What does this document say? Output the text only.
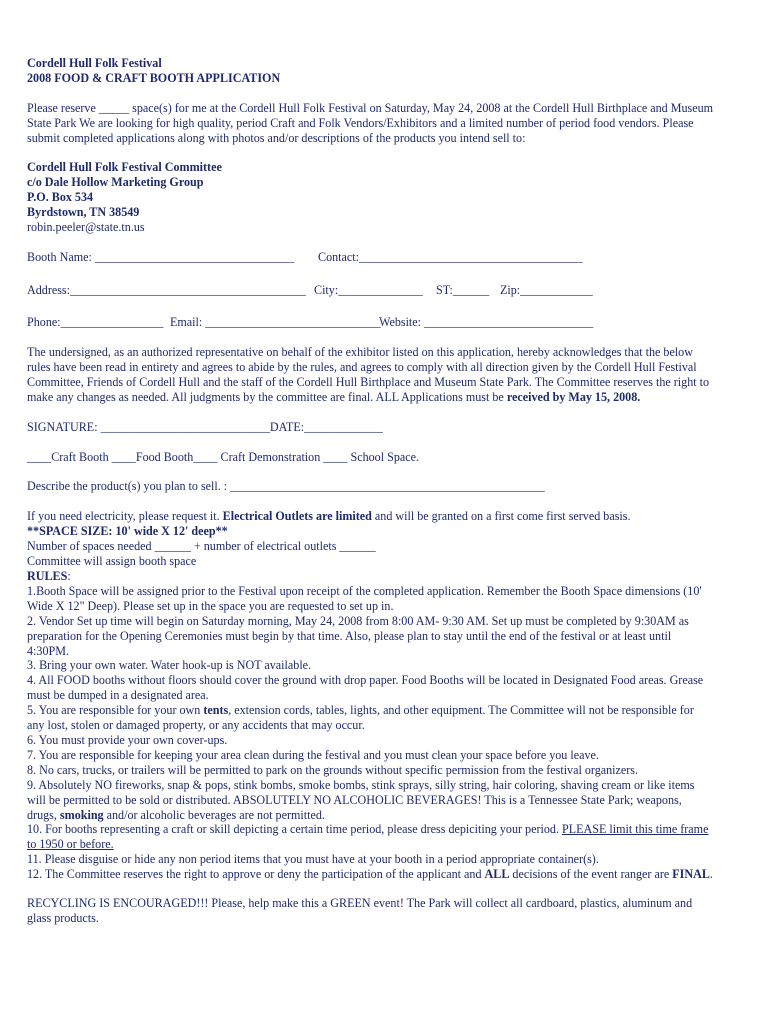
Cordell Hull Folk Festival
2008 FOOD & CRAFT BOOTH APPLICATION
Please reserve _____ space(s) for me at the Cordell Hull Folk Festival on Saturday, May 24, 2008 at the Cordell Hull Birthplace and Museum
State Park We are looking for high quality, period Craft and Folk Vendors/Exhibitors and a limited number of period food vendors. Please
submit completed applications along with photos and/or descriptions of the products you intend sell to:
Cordell Hull Folk Festival Committee
c/o Dale Hollow Marketing Group
P.O. Box 534
Byrdstown, TN 38549
robin.peeler@state.tn.us
Booth Name: _________________________________ Contact:_____________________________________
Address:_______________________________________ City:______________ ST:______ Zip:____________
Phone:_________________ Email: _____________________________
Website: ____________________________
The undersigned, as an authorized representative on behalf of the exhibitor listed on this application, hereby acknowledges that the below
rules have been read in entirety and agrees to abide by the rules, and agrees to comply with all direction given by the Cordell Hull Festival
Committee, Friends of Cordell Hull and the staff of the Cordell Hull Birthplace and Museum State Park. The Committee reserves the right to
make any changes as needed. All judgments by the committee are final. ALL Applications must be received by May 15, 2008.
SIGNATURE: ____________________________DATE:_____________
____Craft Booth ____Food Booth____ Craft Demonstration ____ School Space.
Describe the product(s) you plan to sell. : ____________________________________________________
If you need electricity, please request it. Electrical Outlets are limited and will be granted on a first come first served basis.
**SPACE SIZE: 10' wide X 12' deep**
Number of spaces needed ______ + number of electrical outlets ______
Committee will assign booth space
RULES:
1.Booth Space will be assigned prior to the Festival upon receipt of the completed application. Remember the Booth Space dimensions (10'
Wide X 12" Deep). Please set up in the space you are requested to set up in.
2. Vendor Set up time will begin on Saturday morning, May 24, 2008 from 8:00 AM- 9:30 AM. Set up must be completed by 9:30AM as
preparation for the Opening Ceremonies must begin by that time. Also, please plan to stay until the end of the festival or at least until
4:30PM.
3. Bring your own water. Water hook-up is NOT available.
4. All FOOD booths without floors should cover the ground with drop paper. Food Booths will be located in Designated Food areas. Grease
must be dumped in a designated area.
5. You are responsible for your own tents, extension cords, tables, lights, and other equipment. The Committee will not be responsible for
any lost, stolen or damaged property, or any accidents that may occur.
6. You must provide your own cover-ups.
7. You are responsible for keeping your area clean during the festival and you must clean your space before you leave.
8. No cars, trucks, or trailers will be permitted to park on the grounds without specific permission from the festival organizers.
9. Absolutely NO fireworks, snap & pops, stink bombs, smoke bombs, stink sprays, silly string, hair coloring, shaving cream or like items
will be permitted to be sold or distributed. ABSOLUTELY NO ALCOHOLIC BEVERAGES! This is a Tennessee State Park; weapons,
drugs, smoking and/or alcoholic beverages are not permitted.
10. For booths representing a craft or skill depicting a certain time period, please dress depiciting your period. PLEASE limit this time frame
to 1950 or before.
11. Please disguise or hide any non period items that you must have at your booth in a period appropriate container(s).
12. The Committee reserves the right to approve or deny the participation of the applicant and ALL decisions of the event ranger are FINAL.
RECYCLING IS ENCOURAGED!!! Please, help make this a GREEN event! The Park will collect all cardboard, plastics, aluminum and
glass products.
